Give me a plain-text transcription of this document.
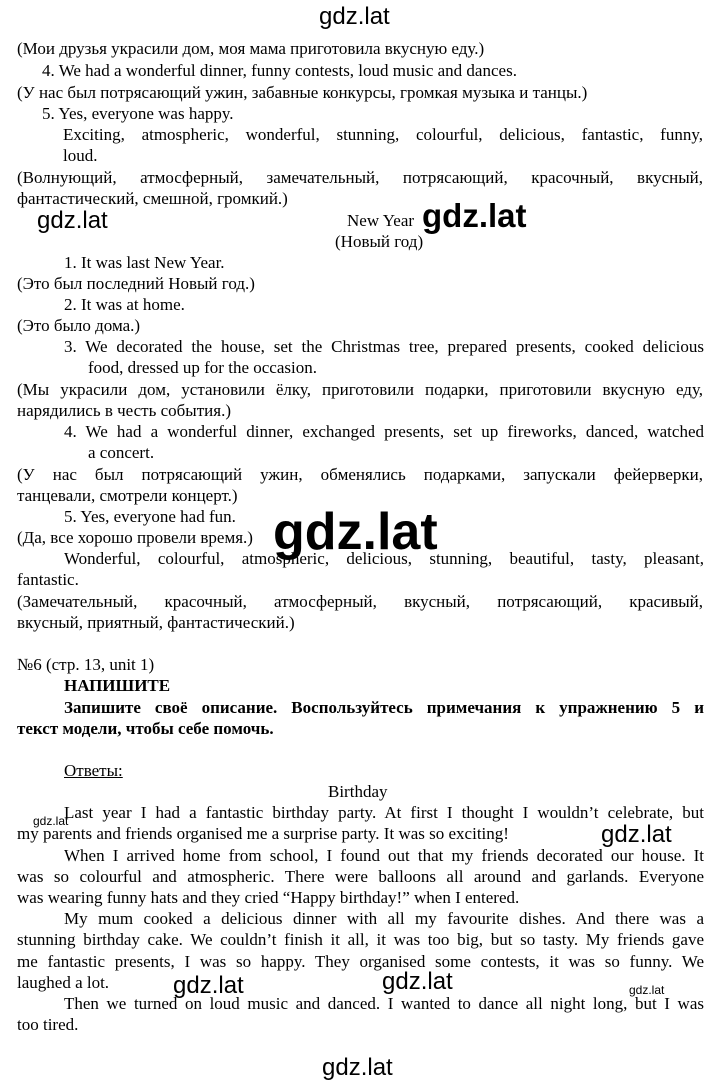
(Мои друзья украсили дом, моя мама приготовила вкусную еду.)
4. We had a wonderful dinner, funny contests, loud music and dances.
(У нас был потрясающий ужин, забавные конкурсы, громкая музыка и танцы.)
5. Yes, everyone was happy.
Exciting, atmospheric, wonderful, stunning, colourful, delicious, fantastic, funny,
loud.
(Волнующий, атмосферный, замечательный, потрясающий, красочный, вкусный,
фантастический, смешной, громкий.)
New Year
(Новый год)
1. It was last New Year.
(Это был последний Новый год.)
2. It was at home.
(Это было дома.)
3. We decorated the house, set the Christmas tree, prepared presents, cooked delicious
food, dressed up for the occasion.
(Мы украсили дом, установили ёлку, приготовили подарки, приготовили вкусную еду,
нарядились в честь события.)
4. We had a wonderful dinner, exchanged presents, set up fireworks, danced, watched
a concert.
(У нас был потрясающий ужин, обменялись подарками, запускали фейерверки,
танцевали, смотрели концерт.)
5. Yes, everyone had fun.
(Да, все хорошо провели время.)
Wonderful, colourful, atmospheric, delicious, stunning, beautiful, tasty, pleasant,
fantastic.
(Замечательный, красочный, атмосферный, вкусный, потрясающий, красивый,
вкусный, приятный, фантастический.)
№6 (стр. 13, unit 1)
НАПИШИТЕ
Запишите своё описание. Воспользуйтесь примечания к упражнению 5 и
текст модели, чтобы себе помочь.
Ответы:
Birthday
Last year I had a fantastic birthday party. At first I thought I wouldn’t celebrate, but
my parents and friends organised me a surprise party. It was so exciting!
When I arrived home from school, I found out that my friends decorated our house. It
was so colourful and atmospheric. There were balloons all around and garlands. Everyone
was wearing funny hats and they cried “Happy birthday!” when I entered.
My mum cooked a delicious dinner with all my favourite dishes. And there was a
stunning birthday cake. We couldn’t finish it all, it was too big, but so tasty. My friends gave
me fantastic presents, I was so happy. They organised some contests, it was so funny. We
laughed a lot.
Then we turned on loud music and danced. I wanted to dance all night long, but I was
too tired.
gdz.lat
gdz.lat	gdz.lat
gdz.lat
gdz.lat	gdz.lat
gdz.lat	gdz.lat	gdz.lat
gdz.lat
